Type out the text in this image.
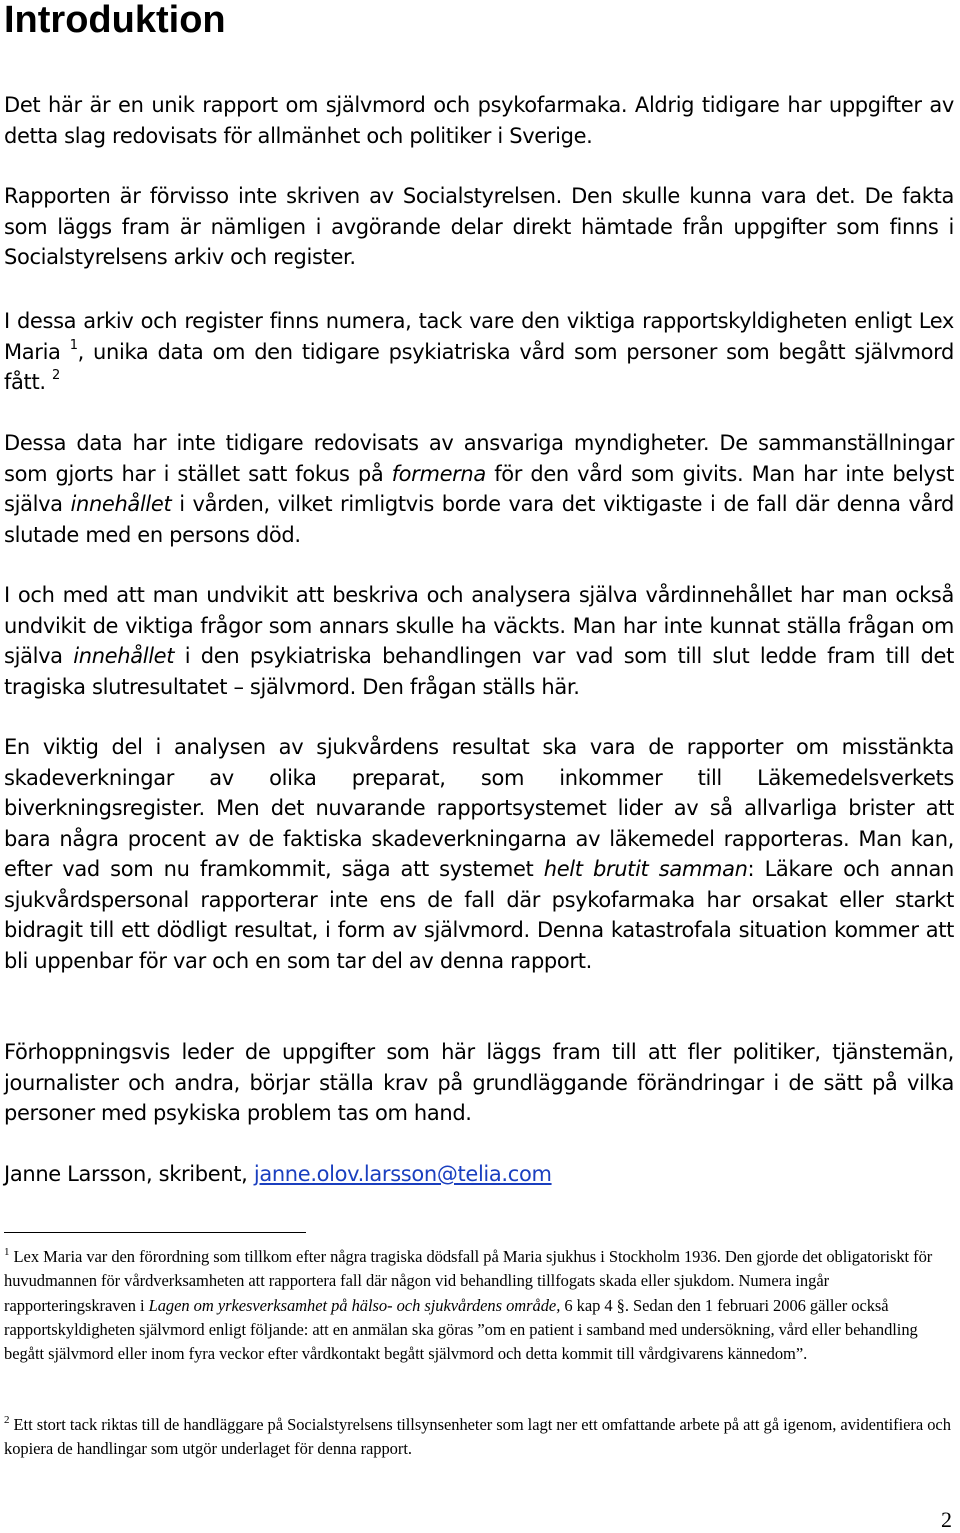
Introduktion

Det här är en unik rapport om självmord och psykofarmaka. Aldrig tidigare har uppgifter av detta slag redovisats för allmänhet och politiker i Sverige.

Rapporten är förvisso inte skriven av Socialstyrelsen. Den skulle kunna vara det. De fakta som läggs fram är nämligen i avgörande delar direkt hämtade från uppgifter som finns i Socialstyrelsens arkiv och register.

I dessa arkiv och register finns numera, tack vare den viktiga rapportskyldigheten enligt Lex Maria $^1$, unika data om den tidigare psykiatriska vård som personer som begått självmord fått. $^2$

Dessa data har inte tidigare redovisats av ansvariga myndigheter. De sammanställningar som gjorts har i stället satt fokus på formerna för den vård som givits. Man har inte belyst själva innehållet i vården, vilket rimligtvis borde vara det viktigaste i de fall där denna vård slutade med en persons död.

I och med att man undvikit att beskriva och analysera själva vårdinnehållet har man också undvikit de viktiga frågor som annars skulle ha väckts. Man har inte kunnat ställa frågan om själva innehållet i den psykiatriska behandlingen var vad som till slut ledde fram till det tragiska slutresultatet – självmord. Den frågan ställs här.

En viktig del i analysen av sjukvårdens resultat ska vara de rapporter om misstänkta skadeverkningar av olika preparat, som inkommer till Läkemedelsverkets biverkningsregister. Men det nuvarande rapportsystemet lider av så allvarliga brister att bara några procent av de faktiska skadeverkningarna av läkemedel rapporteras. Man kan, efter vad som nu framkommit, säga att systemet helt brutit samman: Läkare och annan sjukvårdspersonal rapporterar inte ens de fall där psykofarmaka har orsakat eller starkt bidragit till ett dödligt resultat, i form av självmord. Denna katastrofala situation kommer att bli uppenbar för var och en som tar del av denna rapport.

Förhoppningsvis leder de uppgifter som här läggs fram till att fler politiker, tjänstemän, journalister och andra, börjar ställa krav på grundläggande förändringar i de sätt på vilka personer med psykiska problem tas om hand.

Janne Larsson, skribent, janne.olov.larsson@telia.com

$^1$ Lex Maria var den förordning som tillkom efter några tragiska dödsfall på Maria sjukhus i Stockholm 1936. Den gjorde det obligatoriskt för huvudmannen för vårdverksamheten att rapportera fall där någon vid behandling tillfogats skada eller sjukdom. Numera ingår rapporteringskraven i Lagen om yrkesverksamhet på hälso- och sjukvårdens område, 6 kap 4 §. Sedan den 1 februari 2006 gäller också rapportskyldigheten självmord enligt följande: att en anmälan ska göras ”om en patient i samband med undersökning, vård eller behandling begått självmord eller inom fyra veckor efter vårdkontakt begått självmord och detta kommit till vårdgivarens kännedom”.

$^2$ Ett stort tack riktas till de handläggare på Socialstyrelsens tillsynsenheter som lagt ner ett omfattande arbete på att gå igenom, avidentifiera och kopiera de handlingar som utgör underlaget för denna rapport.

2
